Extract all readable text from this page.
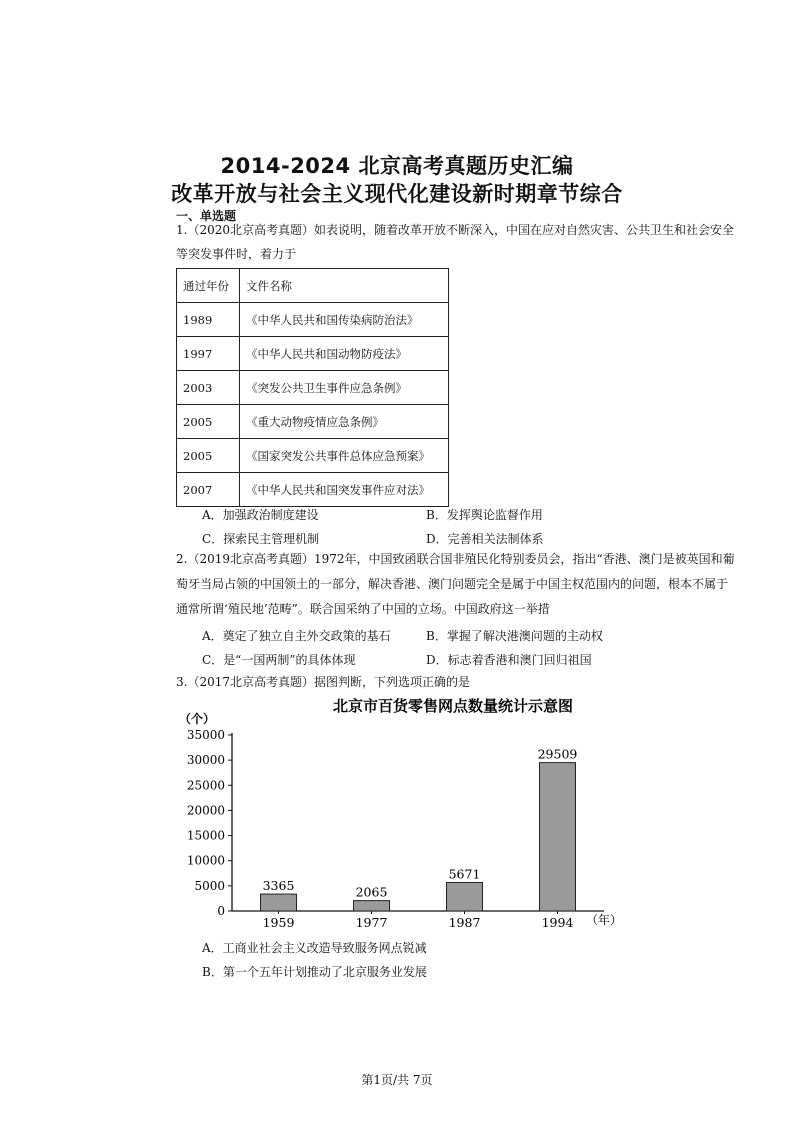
2014-2024 北京高考真题历史汇编
改革开放与社会主义现代化建设新时期章节综合
一、单选题
1.（2020北京高考真题）如表说明，随着改革开放不断深入，中国在应对自然灾害、公共卫生和社会安全
等突发事件时，着力于
通过年份	文件名称
1989	《中华人民共和国传染病防治法》
1997	《中华人民共和国动物防疫法》
2003	《突发公共卫生事件应急条例》
2005	《重大动物疫情应急条例》
2005	《国家突发公共事件总体应急预案》
2007	《中华人民共和国突发事件应对法》
A．加强政治制度建设	B．发挥舆论监督作用
C．探索民主管理机制	D．完善相关法制体系
2.（2019北京高考真题）1972年，中国致函联合国非殖民化特别委员会，指出“香港、澳门是被英国和葡
萄牙当局占领的中国领土的一部分，解决香港、澳门问题完全是属于中国主权范围内的问题，根本不属于
通常所谓‘殖民地’范畴”。联合国采纳了中国的立场。中国政府这一举措
A．奠定了独立自主外交政策的基石	B．掌握了解决港澳问题的主动权
C．是“一国两制”的具体体现	D．标志着香港和澳门回归祖国
3.（2017北京高考真题）据图判断，下列选项正确的是
北京市百货零售网点数量统计示意图
（个）
0
5000
10000
15000
20000
25000
30000
35000
1959	1977	1987	1994
3365	2065
5671
29509
（年）
A．工商业社会主义改造导致服务网点锐减
B．第一个五年计划推动了北京服务业发展
第1页/共 7页
